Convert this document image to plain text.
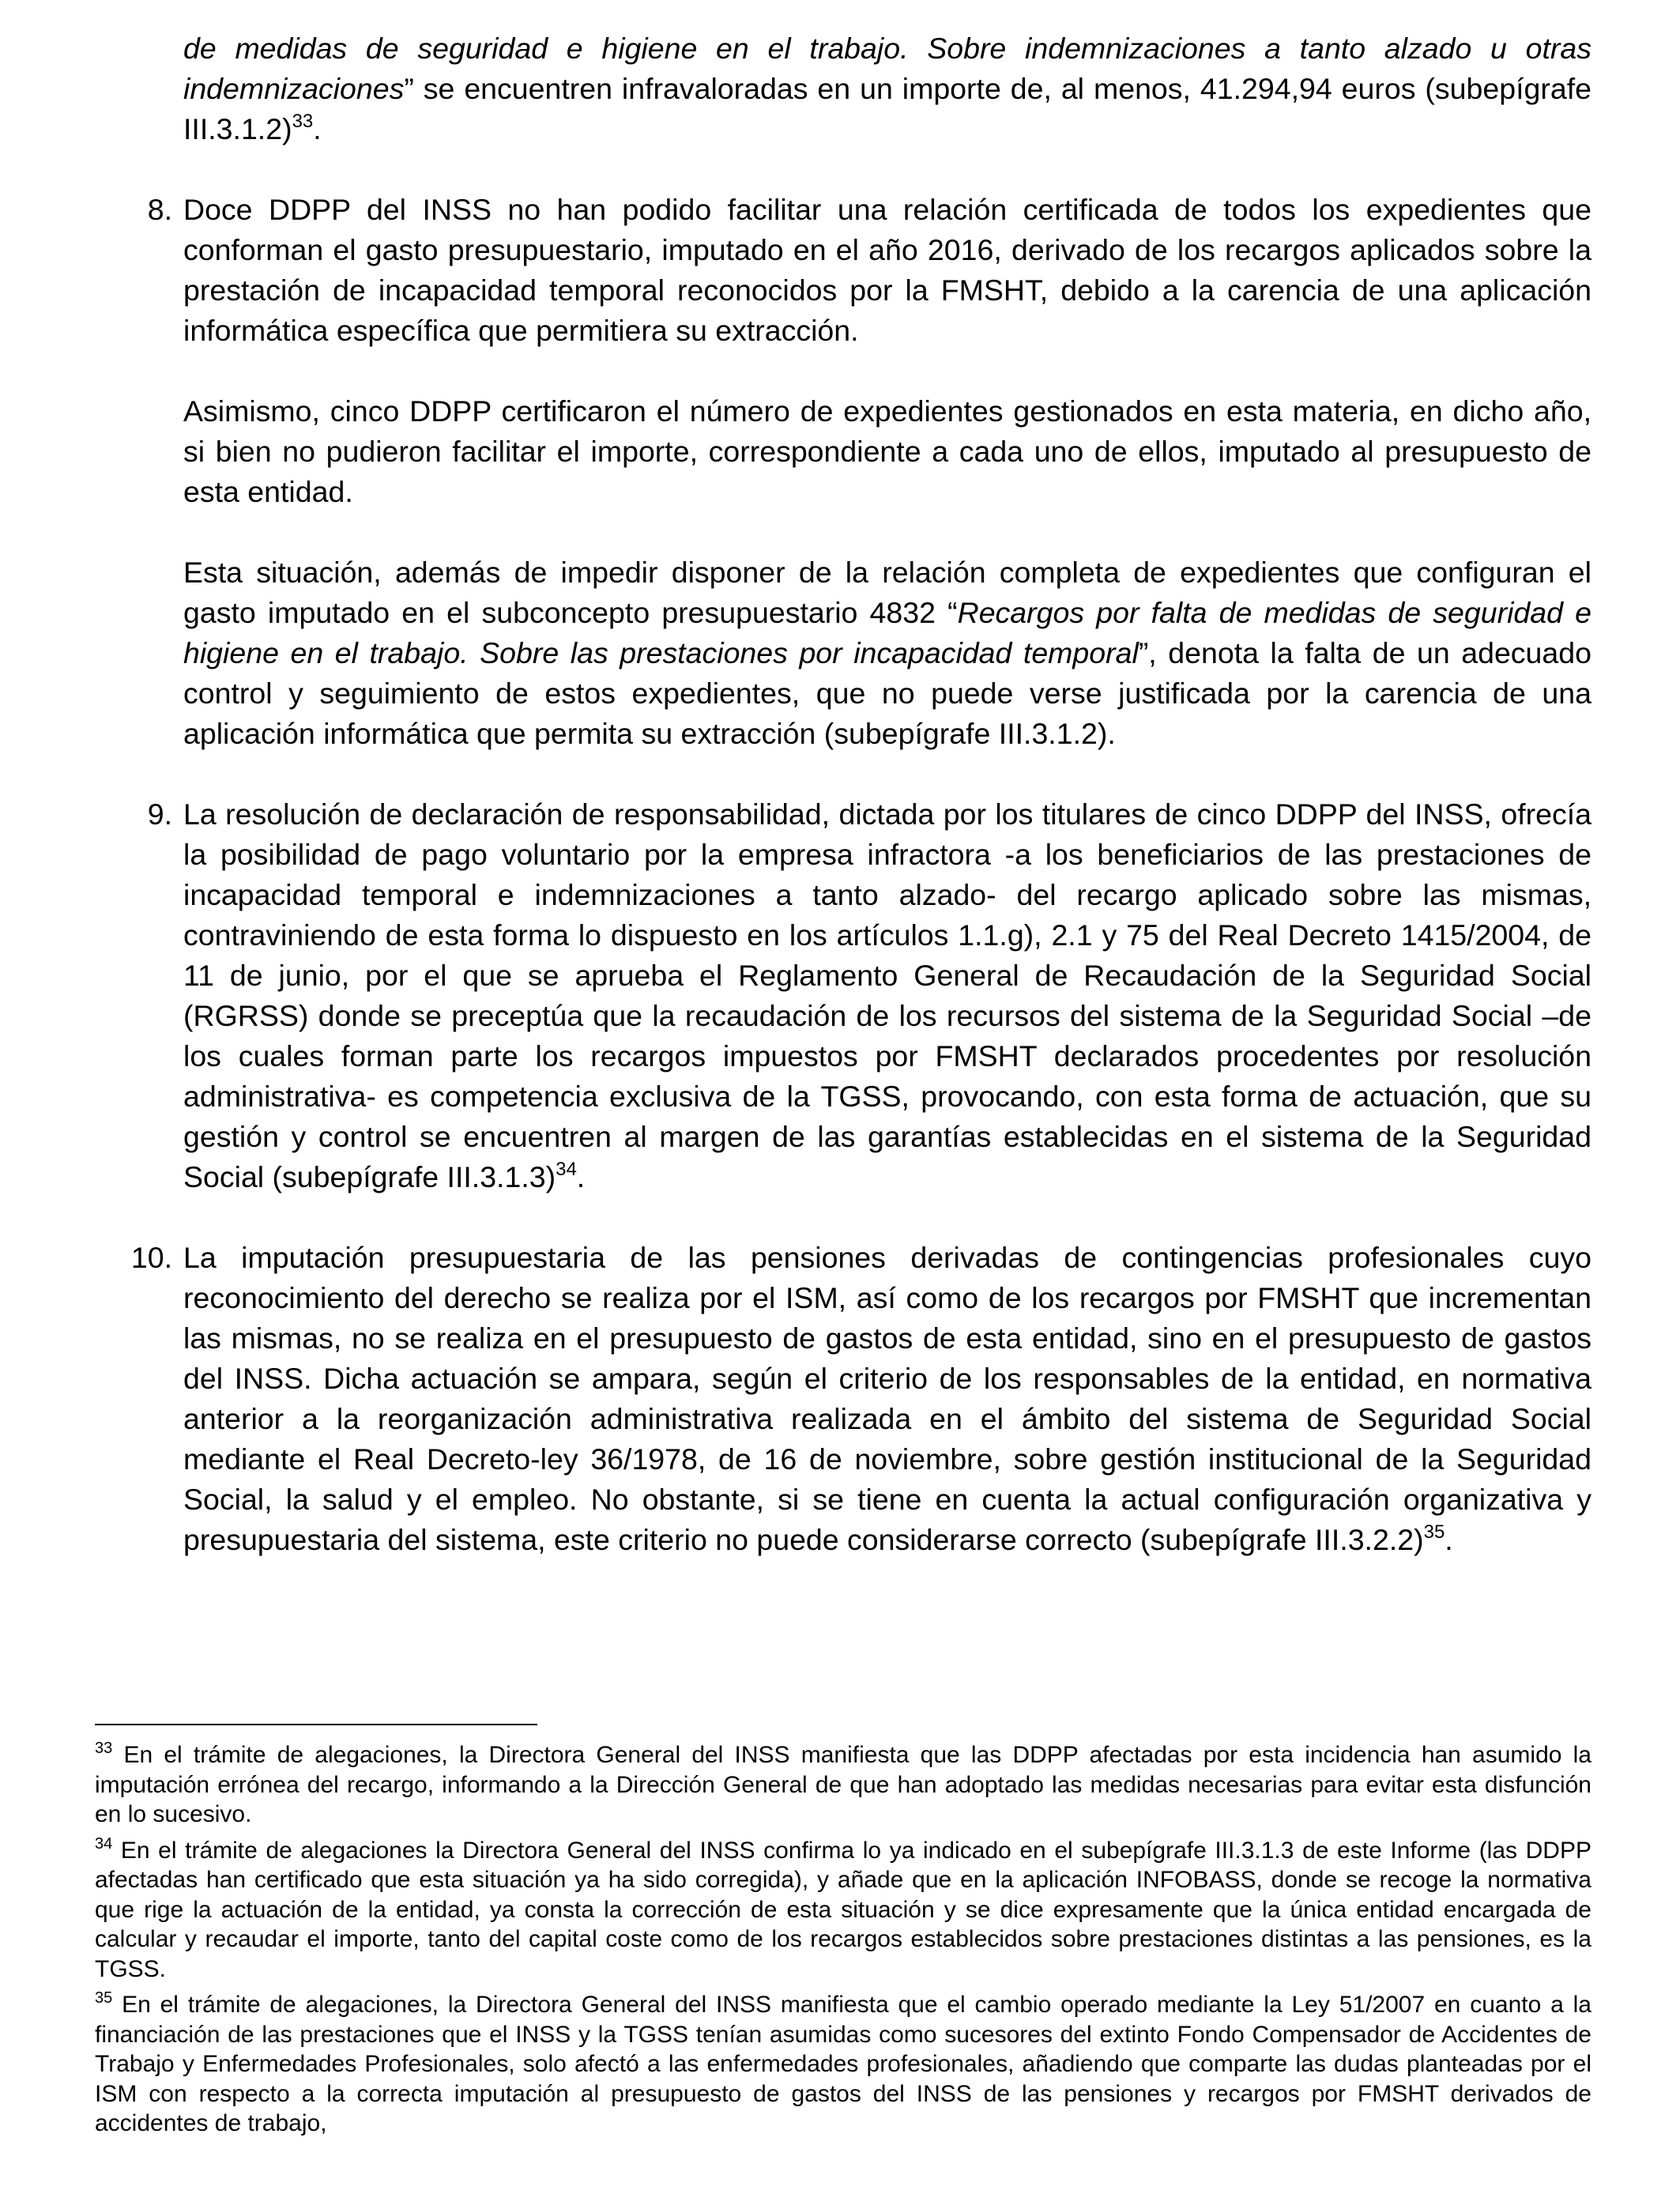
de medidas de seguridad e higiene en el trabajo. Sobre indemnizaciones a tanto alzado u otras indemnizaciones” se encuentren infravaloradas en un importe de, al menos, 41.294,94 euros (subepígrafe III.3.1.2)$^{33}$.

8. Doce DDPP del INSS no han podido facilitar una relación certificada de todos los expedientes que conforman el gasto presupuestario, imputado en el año 2016, derivado de los recargos aplicados sobre la prestación de incapacidad temporal reconocidos por la FMSHT, debido a la carencia de una aplicación informática específica que permitiera su extracción.

Asimismo, cinco DDPP certificaron el número de expedientes gestionados en esta materia, en dicho año, si bien no pudieron facilitar el importe, correspondiente a cada uno de ellos, imputado al presupuesto de esta entidad.

Esta situación, además de impedir disponer de la relación completa de expedientes que configuran el gasto imputado en el subconcepto presupuestario 4832 “Recargos por falta de medidas de seguridad e higiene en el trabajo. Sobre las prestaciones por incapacidad temporal”, denota la falta de un adecuado control y seguimiento de estos expedientes, que no puede verse justificada por la carencia de una aplicación informática que permita su extracción (subepígrafe III.3.1.2).

9. La resolución de declaración de responsabilidad, dictada por los titulares de cinco DDPP del INSS, ofrecía la posibilidad de pago voluntario por la empresa infractora -a los beneficiarios de las prestaciones de incapacidad temporal e indemnizaciones a tanto alzado- del recargo aplicado sobre las mismas, contraviniendo de esta forma lo dispuesto en los artículos 1.1.g), 2.1 y 75 del Real Decreto 1415/2004, de 11 de junio, por el que se aprueba el Reglamento General de Recaudación de la Seguridad Social (RGRSS) donde se preceptúa que la recaudación de los recursos del sistema de la Seguridad Social –de los cuales forman parte los recargos impuestos por FMSHT declarados procedentes por resolución administrativa- es competencia exclusiva de la TGSS, provocando, con esta forma de actuación, que su gestión y control se encuentren al margen de las garantías establecidas en el sistema de la Seguridad Social (subepígrafe III.3.1.3)$^{34}$.

10. La imputación presupuestaria de las pensiones derivadas de contingencias profesionales cuyo reconocimiento del derecho se realiza por el ISM, así como de los recargos por FMSHT que incrementan las mismas, no se realiza en el presupuesto de gastos de esta entidad, sino en el presupuesto de gastos del INSS. Dicha actuación se ampara, según el criterio de los responsables de la entidad, en normativa anterior a la reorganización administrativa realizada en el ámbito del sistema de Seguridad Social mediante el Real Decreto-ley 36/1978, de 16 de noviembre, sobre gestión institucional de la Seguridad Social, la salud y el empleo. No obstante, si se tiene en cuenta la actual configuración organizativa y presupuestaria del sistema, este criterio no puede considerarse correcto (subepígrafe III.3.2.2)$^{35}$.

$^{33}$ En el trámite de alegaciones, la Directora General del INSS manifiesta que las DDPP afectadas por esta incidencia han asumido la imputación errónea del recargo, informando a la Dirección General de que han adoptado las medidas necesarias para evitar esta disfunción en lo sucesivo.

$^{34}$ En el trámite de alegaciones la Directora General del INSS confirma lo ya indicado en el subepígrafe III.3.1.3 de este Informe (las DDPP afectadas han certificado que esta situación ya ha sido corregida), y añade que en la aplicación INFOBASS, donde se recoge la normativa que rige la actuación de la entidad, ya consta la corrección de esta situación y se dice expresamente que la única entidad encargada de calcular y recaudar el importe, tanto del capital coste como de los recargos establecidos sobre prestaciones distintas a las pensiones, es la TGSS.

$^{35}$ En el trámite de alegaciones, la Directora General del INSS manifiesta que el cambio operado mediante la Ley 51/2007 en cuanto a la financiación de las prestaciones que el INSS y la TGSS tenían asumidas como sucesores del extinto Fondo Compensador de Accidentes de Trabajo y Enfermedades Profesionales, solo afectó a las enfermedades profesionales, añadiendo que comparte las dudas planteadas por el ISM con respecto a la correcta imputación al presupuesto de gastos del INSS de las pensiones y recargos por FMSHT derivados de accidentes de trabajo,
